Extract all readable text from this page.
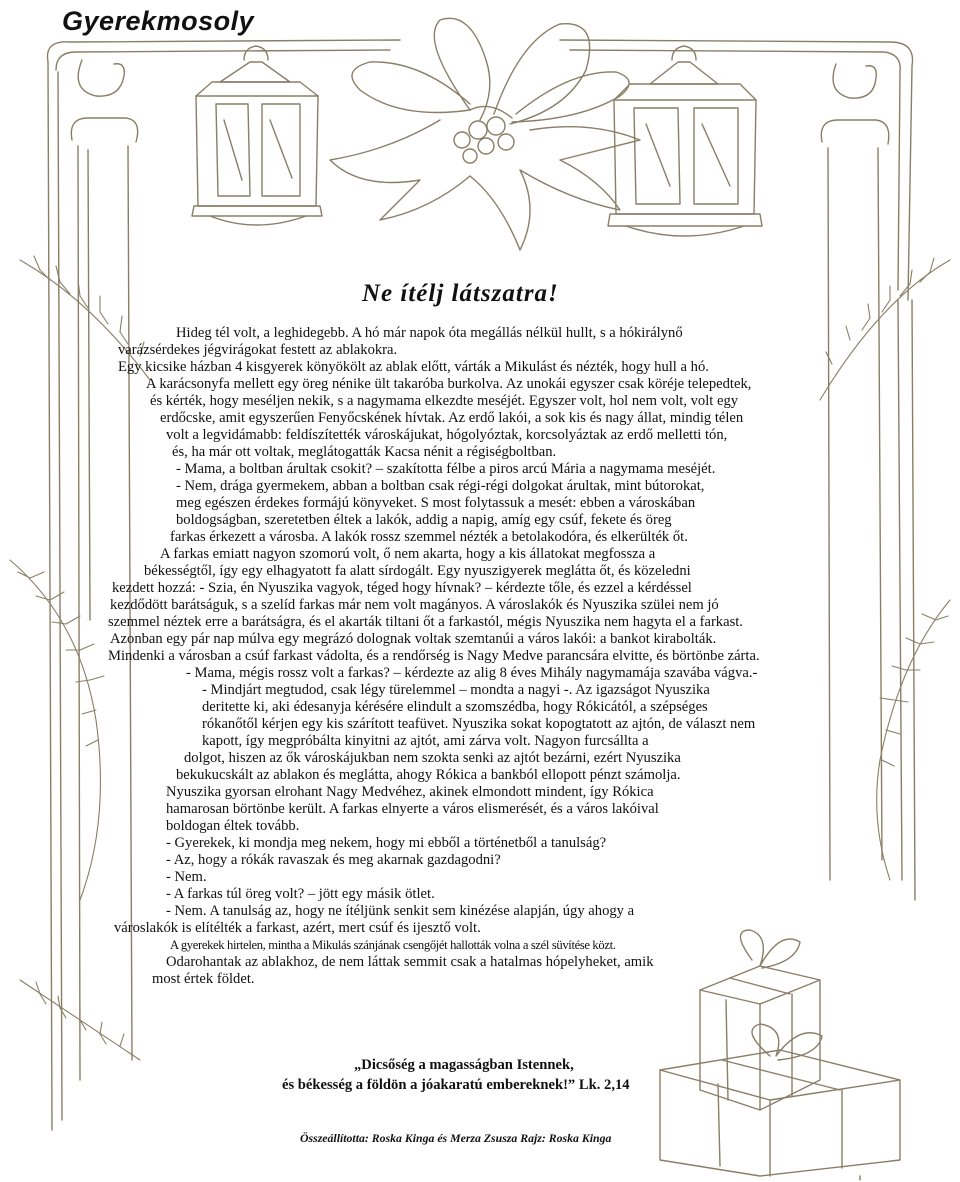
Gyerekmosoly
Ne ítélj látszatra!
Hideg tél volt, a leghidegebb. A hó már napok óta megállás nélkül hullt, s a hókirálynő
varázsérdekes jégvirágokat festett az ablakokra.
Egy kicsike házban 4 kisgyerek könyökölt az ablak előtt, várták a Mikulást és nézték, hogy hull a hó.
A karácsonyfa mellett egy öreg nénike ült takaróba burkolva. Az unokái egyszer csak köréje telepedtek,
és kérték, hogy meséljen nekik, s a nagymama elkezdte meséjét. Egyszer volt, hol nem volt, volt egy
erdőcske, amit egyszerűen Fenyőcskének hívtak. Az erdő lakói, a sok kis és nagy állat, mindig télen
volt a legvidámabb: feldíszítették városkájukat, hógolyóztak, korcsolyáztak az erdő melletti tón,
és, ha már ott voltak, meglátogatták Kacsa nénit a régiségboltban.
- Mama, a boltban árultak csokit? – szakította félbe a piros arcú Mária a nagymama meséjét.
- Nem, drága gyermekem, abban a boltban csak régi-régi dolgokat árultak, mint bútorokat,
meg egészen érdekes formájú könyveket. S most folytassuk a mesét: ebben a városkában
boldogságban, szeretetben éltek a lakók, addig a napig, amíg egy csúf, fekete és öreg
farkas érkezett a városba. A lakók rossz szemmel nézték a betolakodóra, és elkerülték őt.
A farkas emiatt nagyon szomorú volt, ő nem akarta, hogy a kis állatokat megfossza a
békességtől, így egy elhagyatott fa alatt sírdogált. Egy nyuszigyerek meglátta őt, és közeledni
kezdett hozzá: - Szia, én Nyuszika vagyok, téged hogy hívnak? – kérdezte tőle, és ezzel a kérdéssel
kezdődött barátságuk, s a szelíd farkas már nem volt magányos. A városlakók és Nyuszika szülei nem jó
szemmel néztek erre a barátságra, és el akarták tiltani őt a farkastól, mégis Nyuszika nem hagyta el a farkast.
Azonban egy pár nap múlva egy megrázó dolognak voltak szemtanúi a város lakói: a bankot kirabolták.
Mindenki a városban a csúf farkast vádolta, és a rendőrség is Nagy Medve parancsára elvitte, és börtönbe zárta.
- Mama, mégis rossz volt a farkas? – kérdezte az alig 8 éves Mihály nagymamája szavába vágva.-
- Mindjárt megtudod, csak légy türelemmel – mondta a nagyi -. Az igazságot Nyuszika
deritette ki, aki édesanyja kérésére elindult a szomszédba, hogy Rókicától, a szépséges
rókanőtől kérjen egy kis szárított teafüvet. Nyuszika sokat kopogtatott az ajtón, de választ nem
kapott, így megpróbálta kinyitni az ajtót, ami zárva volt. Nagyon furcsállta a
dolgot, hiszen az ők városkájukban nem szokta senki az ajtót bezárni, ezért Nyuszika
bekukucskált az ablakon és meglátta, ahogy Rókica a bankból ellopott pénzt számolja.
Nyuszika gyorsan elrohant Nagy Medvéhez, akinek elmondott mindent, így Rókica
hamarosan börtönbe került. A farkas elnyerte a város elismerését, és a város lakóival
boldogan éltek tovább.
- Gyerekek, ki mondja meg nekem, hogy mi ebből a történetből a tanulság?
- Az, hogy a rókák ravaszak és meg akarnak gazdagodni?
- Nem.
- A farkas túl öreg volt? – jött egy másik ötlet.
- Nem. A tanulság az, hogy ne ítéljünk senkit sem kinézése alapján, úgy ahogy a
városlakók is elítélték a farkast, azért, mert csúf és ijesztő volt.
A gyerekek hirtelen, mintha a Mikulás szánjának csengőjét hallották volna a szél süvítése közt.
Odarohantak az ablakhoz, de nem láttak semmit csak a hatalmas hópelyheket, amik
most értek földet.
„Dicsőség a magasságban Istennek,
és békesség a földön a jóakaratú embereknek!” Lk. 2,14
Összeállította: Roska Kinga és Merza Zsusza Rajz: Roska Kinga
